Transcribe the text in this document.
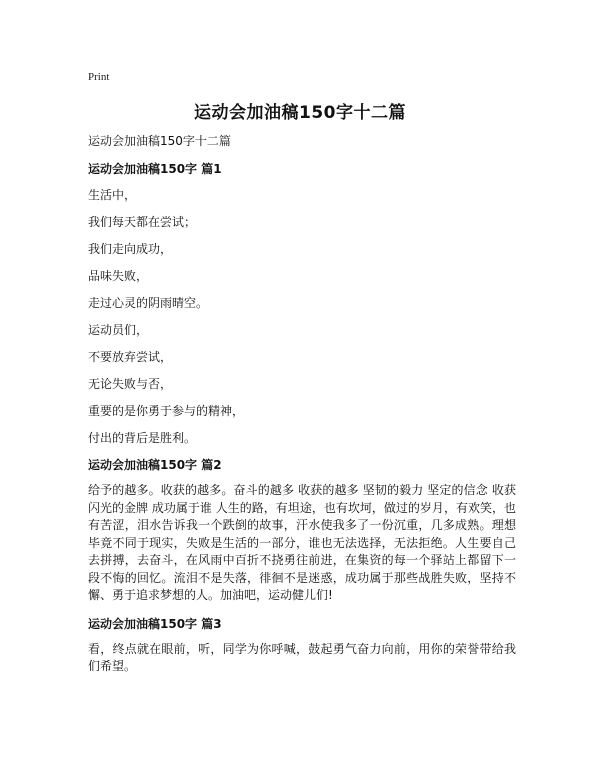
Print
运动会加油稿150字十二篇
运动会加油稿150字十二篇
运动会加油稿150字 篇1
生活中，
我们每天都在尝试；
我们走向成功，
品味失败，
走过心灵的阴雨晴空。
运动员们，
不要放弃尝试，
无论失败与否，
重要的是你勇于参与的精神，
付出的背后是胜利。
运动会加油稿150字 篇2
给予的越多。收获的越多。奋斗的越多 收获的越多 坚韧的毅力 坚定的信念 收获闪光的金牌 成功属于谁 人生的路，有坦途，也有坎坷，做过的岁月，有欢笑，也有苦涩，泪水告诉我一个跌倒的故事，汗水使我多了一份沉重，几多成熟。理想毕竟不同于现实，失败是生活的一部分，谁也无法选择，无法拒绝。人生要自己去拼搏，去奋斗，在风雨中百折不挠勇往前进，在集资的每一个驿站上都留下一段不悔的回忆。流泪不是失落，徘徊不是迷惑，成功属于那些战胜失败，坚持不懈、勇于追求梦想的人。加油吧，运动健儿们!
运动会加油稿150字 篇3
看，终点就在眼前，听，同学为你呼喊，鼓起勇气奋力向前，用你的荣誉带给我们希望。
